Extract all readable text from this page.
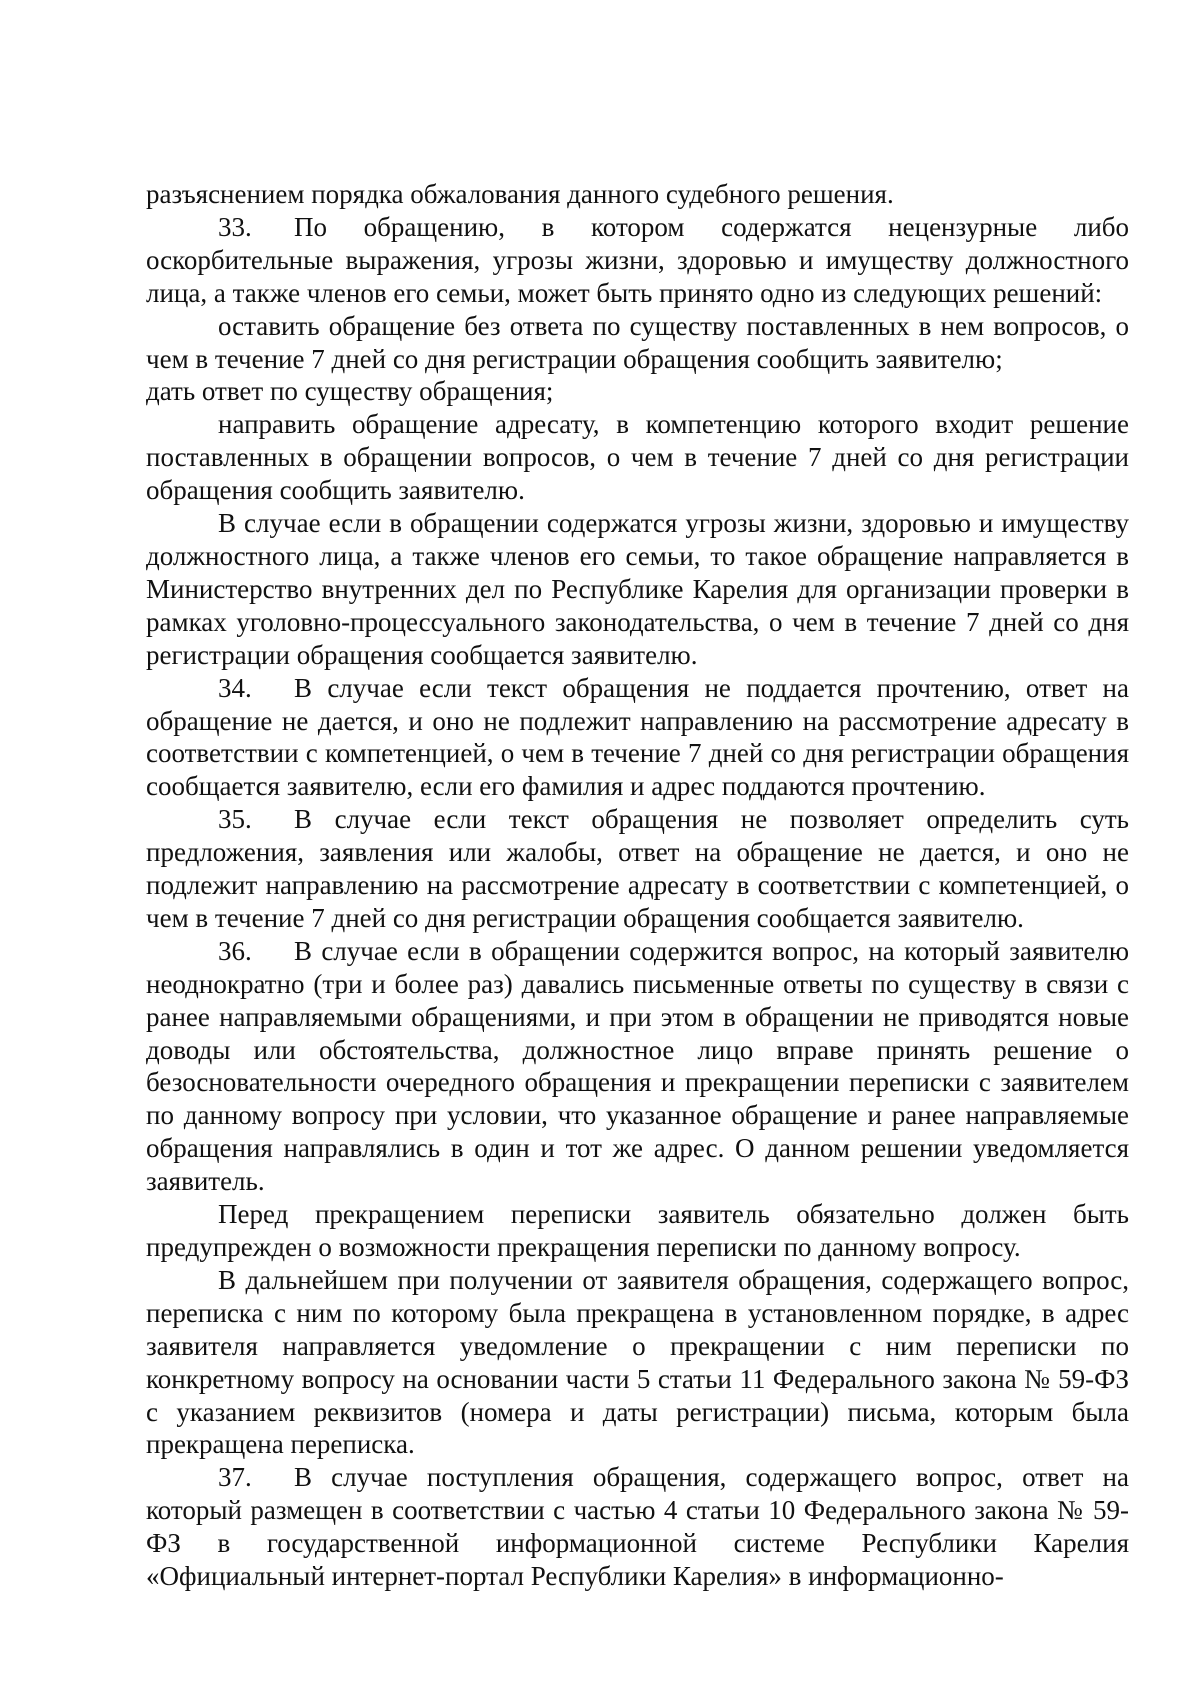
разъяснением порядка обжалования данного судебного решения.

33. По обращению, в котором содержатся нецензурные либо оскорбительные выражения, угрозы жизни, здоровью и имуществу должностного лица, а также членов его семьи, может быть принято одно из следующих решений:

оставить обращение без ответа по существу поставленных в нем вопросов, о чем в течение 7 дней со дня регистрации обращения сообщить заявителю;

дать ответ по существу обращения;

направить обращение адресату, в компетенцию которого входит решение поставленных в обращении вопросов, о чем в течение 7 дней со дня регистрации обращения сообщить заявителю.

В случае если в обращении содержатся угрозы жизни, здоровью и имуществу должностного лица, а также членов его семьи, то такое обращение направляется в Министерство внутренних дел по Республике Карелия для организации проверки в рамках уголовно-процессуального законодательства, о чем в течение 7 дней со дня регистрации обращения сообщается заявителю.

34. В случае если текст обращения не поддается прочтению, ответ на обращение не дается, и оно не подлежит направлению на рассмотрение адресату в соответствии с компетенцией, о чем в течение 7 дней со дня регистрации обращения сообщается заявителю, если его фамилия и адрес поддаются прочтению.

35. В случае если текст обращения не позволяет определить суть предложения, заявления или жалобы, ответ на обращение не дается, и оно не подлежит направлению на рассмотрение адресату в соответствии с компетенцией, о чем в течение 7 дней со дня регистрации обращения сообщается заявителю.

36. В случае если в обращении содержится вопрос, на который заявителю неоднократно (три и более раз) давались письменные ответы по существу в связи с ранее направляемыми обращениями, и при этом в обращении не приводятся новые доводы или обстоятельства, должностное лицо вправе принять решение о безосновательности очередного обращения и прекращении переписки с заявителем по данному вопросу при условии, что указанное обращение и ранее направляемые обращения направлялись в один и тот же адрес. О данном решении уведомляется заявитель.

Перед прекращением переписки заявитель обязательно должен быть предупрежден о возможности прекращения переписки по данному вопросу.

В дальнейшем при получении от заявителя обращения, содержащего вопрос, переписка с ним по которому была прекращена в установленном порядке, в адрес заявителя направляется уведомление о прекращении с ним переписки по конкретному вопросу на основании части 5 статьи 11 Федерального закона № 59-ФЗ с указанием реквизитов (номера и даты регистрации) письма, которым была прекращена переписка.

37. В случае поступления обращения, содержащего вопрос, ответ на который размещен в соответствии с частью 4 статьи 10 Федерального закона № 59-ФЗ в государственной информационной системе Республики Карелия «Официальный интернет-портал Республики Карелия» в информационно-
